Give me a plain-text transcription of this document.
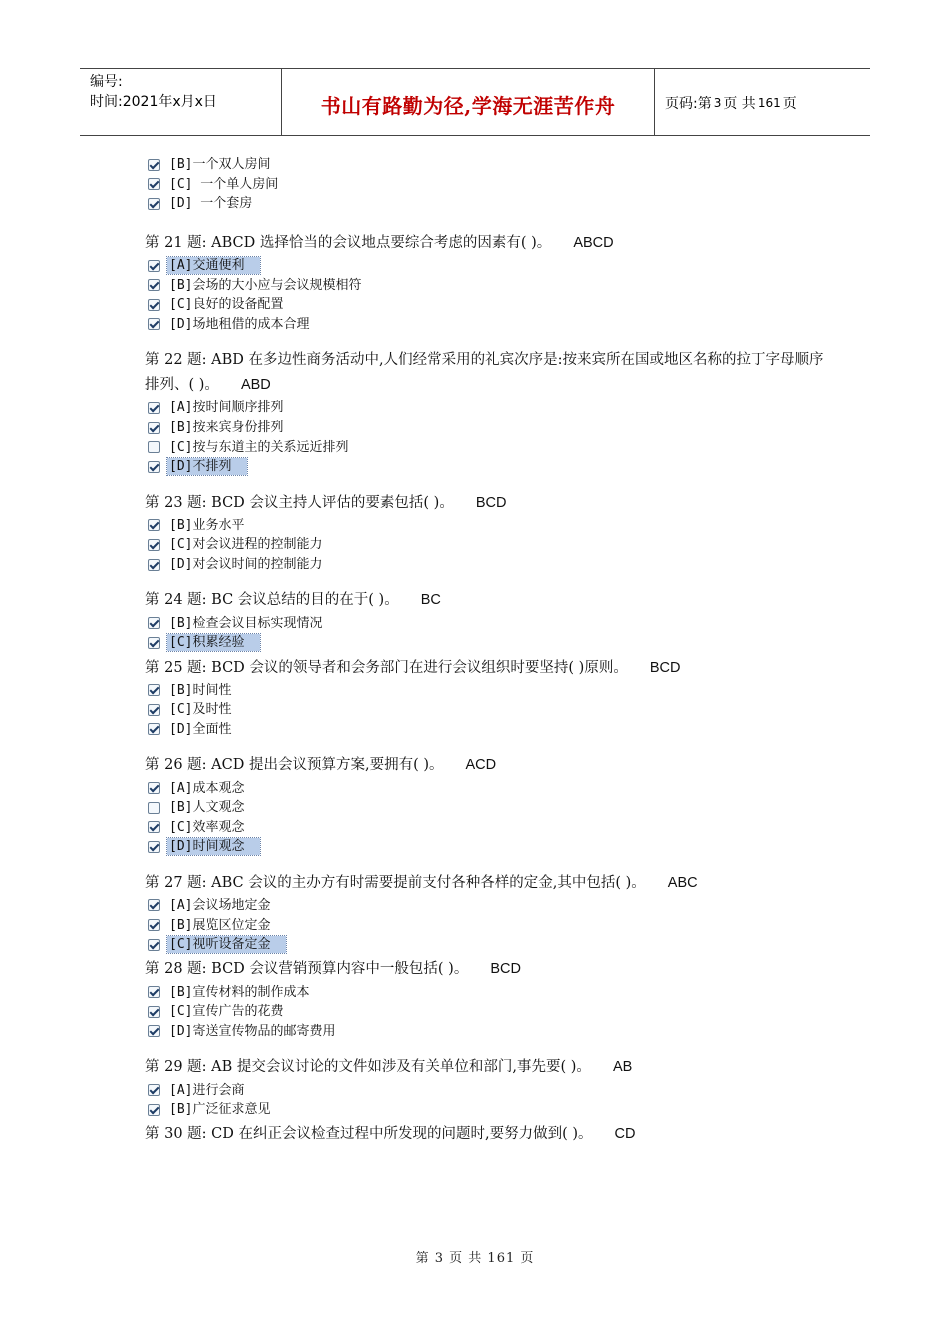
编号:
时间:2021年x月x日	书山有路勤为径,学海无涯苦作舟	页码:第 3 页 共 161 页
[B]一个双人房间
[C] 一个单人房间
[D] 一个套房

第 21 题: ABCD 选择恰当的会议地点要综合考虑的因素有( )。 ABCD

[A]交通便利
[B]会场的大小应与会议规模相符
[C]良好的设备配置
[D]场地租借的成本合理

第 22 题: ABD 在多边性商务活动中,人们经常采用的礼宾次序是:按来宾所在国或地区名称的拉丁字母顺序排列、( )。 ABD

[A]按时间顺序排列
[B]按来宾身份排列
[C]按与东道主的关系远近排列
[D]不排列

第 23 题: BCD 会议主持人评估的要素包括( )。 BCD

[B]业务水平
[C]对会议进程的控制能力
[D]对会议时间的控制能力

第 24 题: BC 会议总结的目的在于( )。 BC

[B]检查会议目标实现情况
[C]积累经验

第 25 题: BCD 会议的领导者和会务部门在进行会议组织时要坚持( )原则。 BCD

[B]时间性
[C]及时性
[D]全面性

第 26 题: ACD 提出会议预算方案,要拥有( )。 ACD

[A]成本观念
[B]人文观念
[C]效率观念
[D]时间观念

第 27 题: ABC 会议的主办方有时需要提前支付各种各样的定金,其中包括( )。 ABC

[A]会议场地定金
[B]展览区位定金
[C]视听设备定金

第 28 题: BCD 会议营销预算内容中一般包括( )。 BCD

[B]宣传材料的制作成本
[C]宣传广告的花费
[D]寄送宣传物品的邮寄费用

第 29 题: AB 提交会议讨论的文件如涉及有关单位和部门,事先要( )。 AB

[A]进行会商
[B]广泛征求意见

第 30 题: CD 在纠正会议检查过程中所发现的问题时,要努力做到( )。 CD

第 3 页 共 161 页
